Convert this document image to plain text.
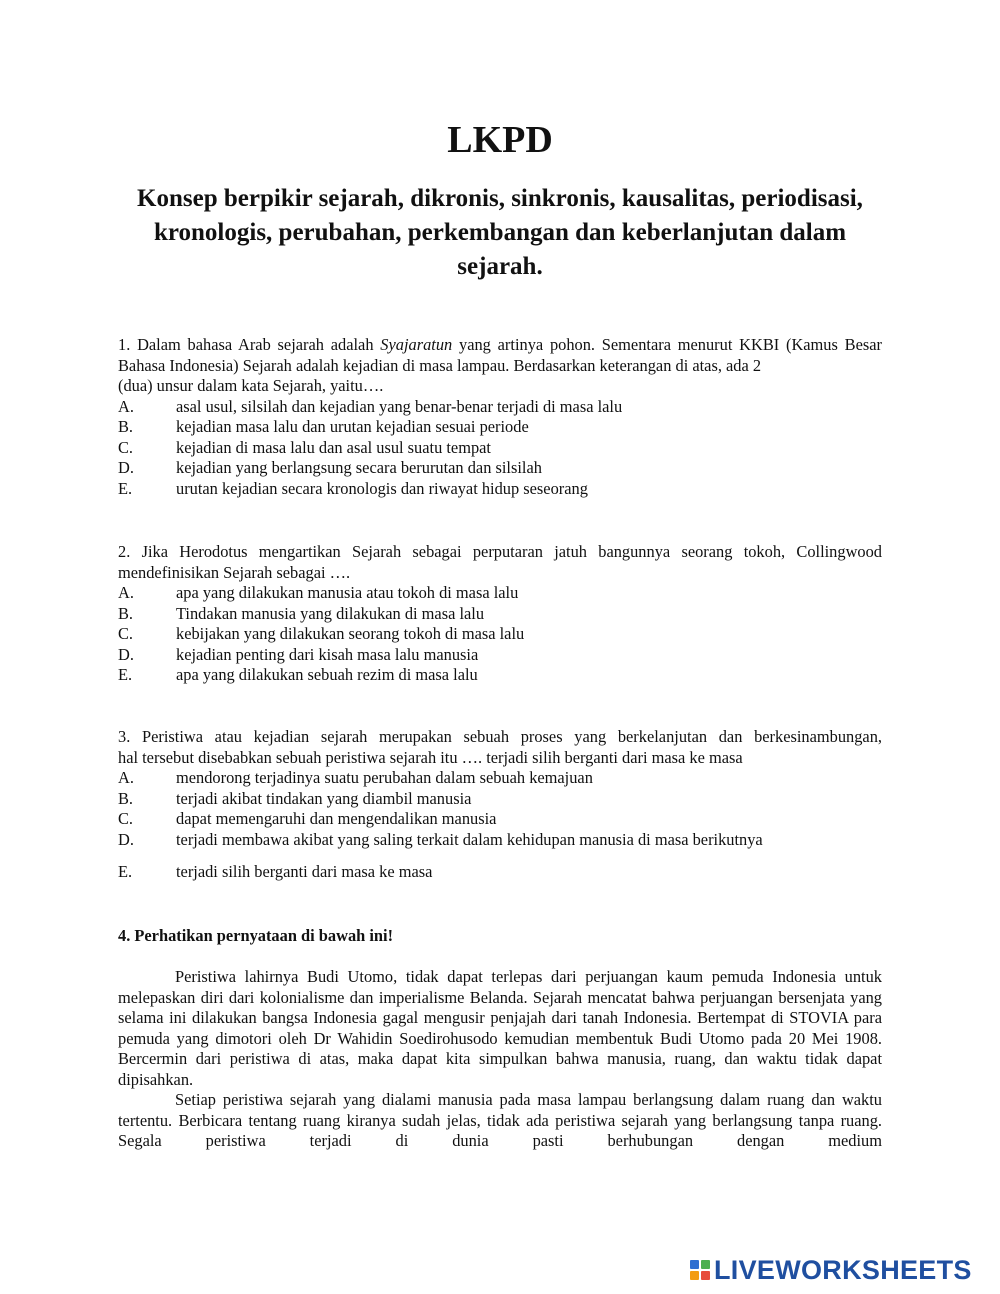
LKPD
Konsep berpikir sejarah, dikronis, sinkronis, kausalitas, periodisasi, kronologis, perubahan, perkembangan dan keberlanjutan dalam sejarah.
1. Dalam bahasa Arab sejarah adalah Syajaratun yang artinya pohon. Sementara menurut KKBI (Kamus Besar Bahasa Indonesia) Sejarah adalah kejadian di masa lampau. Berdasarkan keterangan di atas, ada 2
(dua) unsur dalam kata Sejarah, yaitu….
A.	asal usul, silsilah dan kejadian yang benar-benar terjadi di masa lalu
B.	kejadian masa lalu dan urutan kejadian sesuai periode
C.	kejadian di masa lalu dan asal usul suatu tempat
D.	kejadian yang berlangsung secara berurutan dan silsilah
E.	urutan kejadian secara kronologis dan riwayat hidup seseorang
2. Jika Herodotus mengartikan Sejarah sebagai perputaran jatuh bangunnya seorang tokoh, Collingwood
mendefinisikan Sejarah sebagai ….
A.	apa yang dilakukan manusia atau tokoh di masa lalu
B.	Tindakan manusia yang dilakukan di masa lalu
C.	kebijakan yang dilakukan seorang tokoh di masa lalu
D.	kejadian penting dari kisah masa lalu manusia
E.	apa yang dilakukan sebuah rezim di masa lalu
3. Peristiwa atau kejadian sejarah merupakan sebuah proses yang berkelanjutan dan berkesinambungan,
hal tersebut disebabkan sebuah peristiwa sejarah itu …. terjadi silih berganti dari masa ke masa
A.	mendorong terjadinya suatu perubahan dalam sebuah kemajuan
B.	terjadi akibat tindakan yang diambil manusia
C.	dapat memengaruhi dan mengendalikan manusia
D.	terjadi membawa akibat yang saling terkait dalam kehidupan manusia di masa berikutnya
E.	terjadi silih berganti dari masa ke masa
4. Perhatikan pernyataan di bawah ini!

Peristiwa lahirnya Budi Utomo, tidak dapat terlepas dari perjuangan kaum pemuda Indonesia untuk melepaskan diri dari kolonialisme dan imperialisme Belanda. Sejarah mencatat bahwa perjuangan bersenjata yang selama ini dilakukan bangsa Indonesia gagal mengusir penjajah dari tanah Indonesia. Bertempat di STOVIA para pemuda yang dimotori oleh Dr Wahidin Soedirohusodo kemudian membentuk Budi Utomo pada 20 Mei 1908. Bercermin dari peristiwa di atas, maka dapat kita simpulkan bahwa manusia, ruang, dan waktu tidak dapat dipisahkan.

Setiap peristiwa sejarah yang dialami manusia pada masa lampau berlangsung dalam ruang dan waktu tertentu. Berbicara tentang ruang kiranya sudah jelas, tidak ada peristiwa sejarah yang berlangsung tanpa ruang. Segala peristiwa terjadi di dunia pasti berhubungan dengan medium

LIVEWORKSHEETS
